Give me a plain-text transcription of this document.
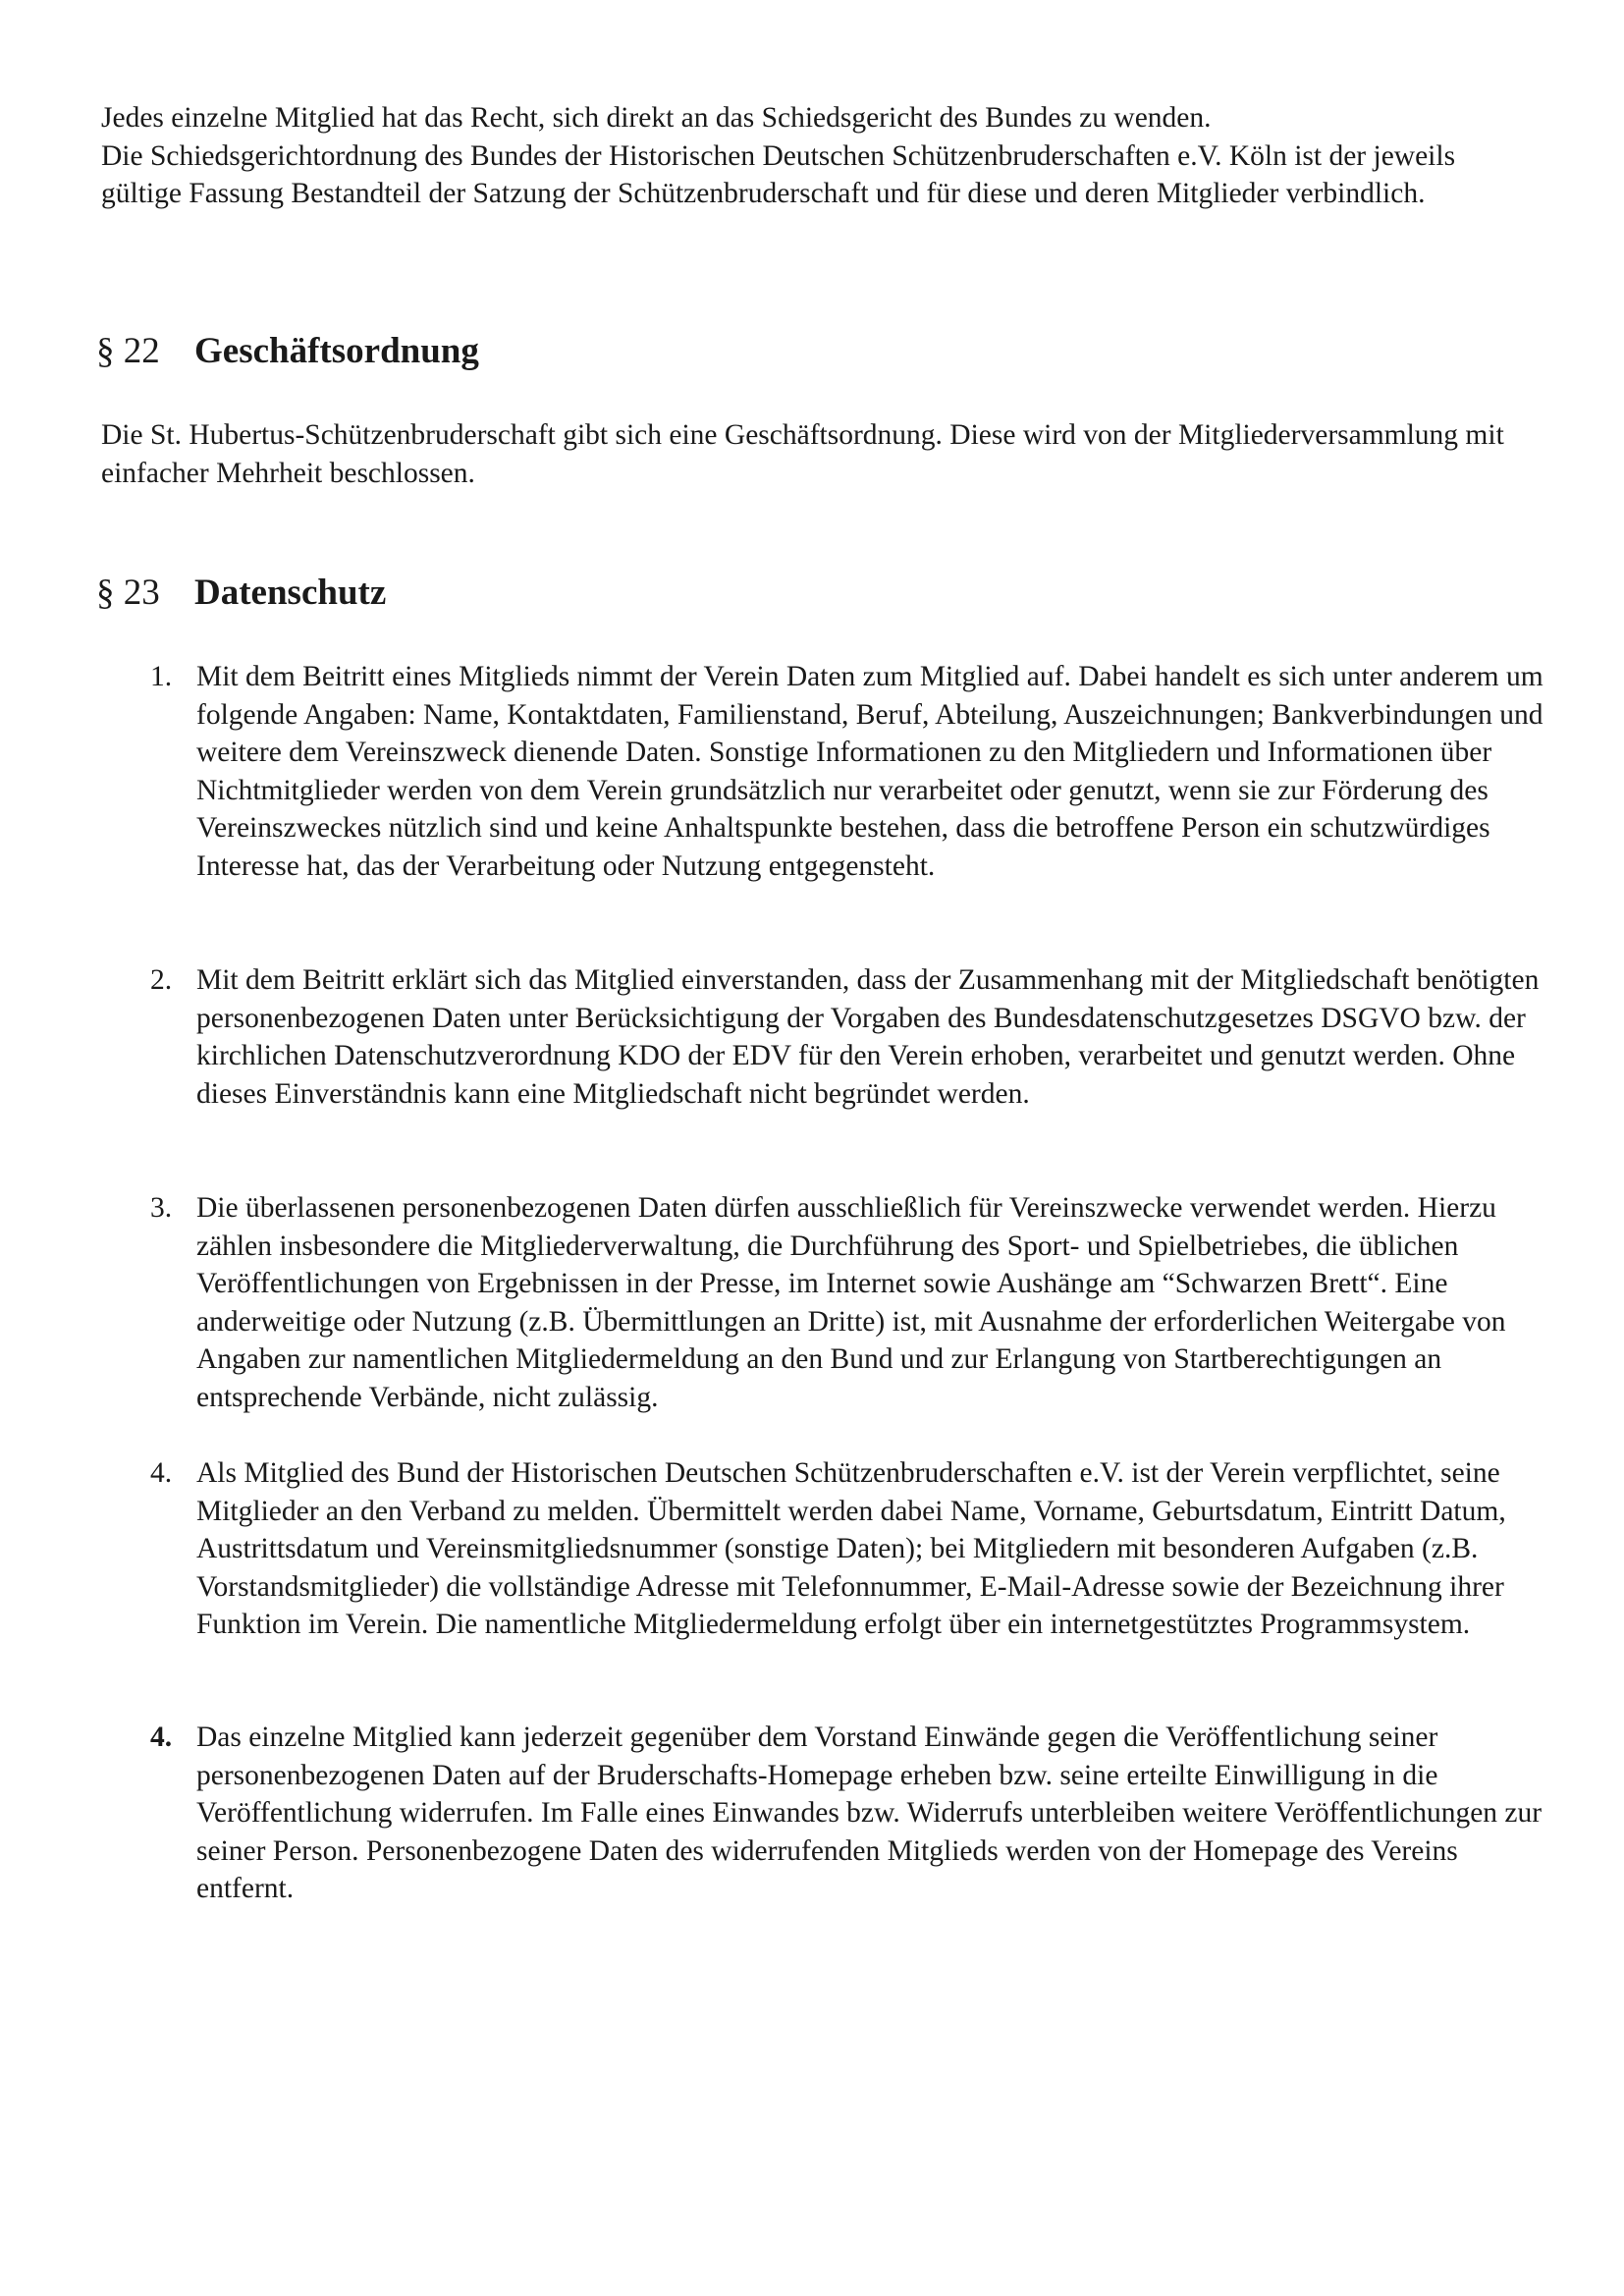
Jedes einzelne Mitglied hat das Recht, sich direkt an das Schiedsgericht des Bundes zu wenden.

Die Schiedsgerichtordnung des Bundes der Historischen Deutschen Schützenbruderschaften e.V. Köln ist der jeweils gültige Fassung Bestandteil der Satzung der Schützenbruderschaft und für diese und deren Mitglieder verbindlich.

§ 22 Geschäftsordnung
Die St. Hubertus-Schützenbruderschaft gibt sich eine Geschäftsordnung. Diese wird von der Mitgliederversammlung mit einfacher Mehrheit beschlossen.
§ 23 Datenschutz
1. Mit dem Beitritt eines Mitglieds nimmt der Verein Daten zum Mitglied auf. Dabei handelt es sich unter anderem um folgende Angaben: Name, Kontaktdaten, Familienstand, Beruf, Abteilung, Auszeichnungen; Bankverbindungen und weitere dem Vereinszweck dienende Daten. Sonstige Informationen zu den Mitgliedern und Informationen über Nichtmitglieder werden von dem Verein grundsätzlich nur verarbeitet oder genutzt, wenn sie zur Förderung des Vereinszweckes nützlich sind und keine Anhaltspunkte bestehen, dass die betroffene Person ein schutzwürdiges Interesse hat, das der Verarbeitung oder Nutzung entgegensteht.
2. Mit dem Beitritt erklärt sich das Mitglied einverstanden, dass der Zusammenhang mit der Mitgliedschaft benötigten personenbezogenen Daten unter Berücksichtigung der Vorgaben des Bundesdatenschutzgesetzes DSGVO bzw. der kirchlichen Datenschutzverordnung KDO der EDV für den Verein erhoben, verarbeitet und genutzt werden. Ohne dieses Einverständnis kann eine Mitgliedschaft nicht begründet werden.
3. Die überlassenen personenbezogenen Daten dürfen ausschließlich für Vereinszwecke verwendet werden. Hierzu zählen insbesondere die Mitgliederverwaltung, die Durchführung des Sport- und Spielbetriebes, die üblichen Veröffentlichungen von Ergebnissen in der Presse, im Internet sowie Aushänge am “Schwarzen Brett“. Eine anderweitige oder Nutzung (z.B. Übermittlungen an Dritte) ist, mit Ausnahme der erforderlichen Weitergabe von Angaben zur namentlichen Mitgliedermeldung an den Bund und zur Erlangung von Startberechtigungen an entsprechende Verbände, nicht zulässig.
4. Als Mitglied des Bund der Historischen Deutschen Schützenbruderschaften e.V. ist der Verein verpflichtet, seine Mitglieder an den Verband zu melden. Übermittelt werden dabei Name, Vorname, Geburtsdatum, Eintritt Datum, Austrittsdatum und Vereinsmitgliedsnummer (sonstige Daten); bei Mitgliedern mit besonderen Aufgaben (z.B. Vorstandsmitglieder) die vollständige Adresse mit Telefonnummer, E-Mail-Adresse sowie der Bezeichnung ihrer Funktion im Verein. Die namentliche Mitgliedermeldung erfolgt über ein internetgestütztes Programmsystem.
4. Das einzelne Mitglied kann jederzeit gegenüber dem Vorstand Einwände gegen die Veröffentlichung seiner personenbezogenen Daten auf der Bruderschafts-Homepage erheben bzw. seine erteilte Einwilligung in die Veröffentlichung widerrufen. Im Falle eines Einwandes bzw. Widerrufs unterbleiben weitere Veröffentlichungen zur seiner Person. Personenbezogene Daten des widerrufenden Mitglieds werden von der Homepage des Vereins entfernt.
